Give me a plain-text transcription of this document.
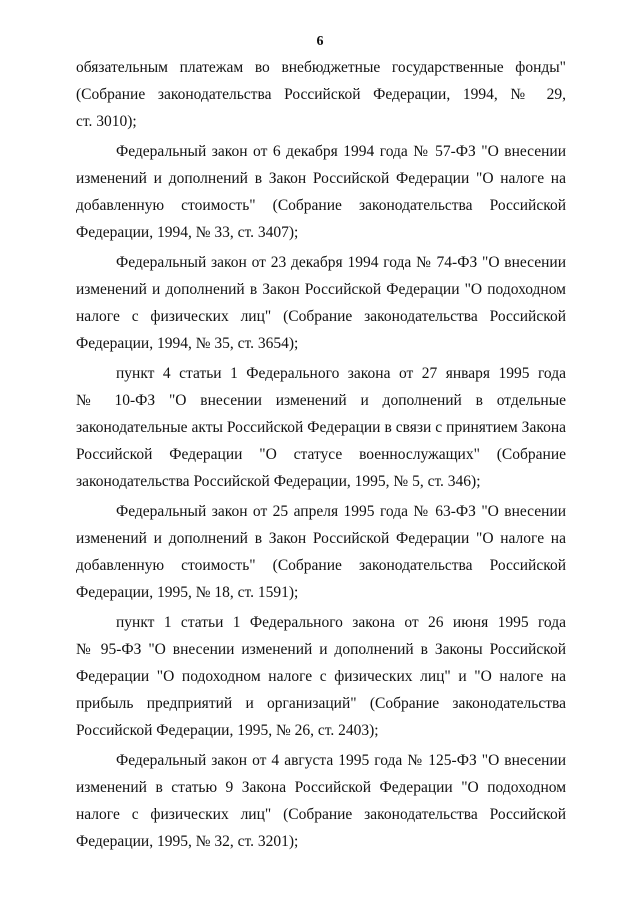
6

обязательным платежам во внебюджетные государственные фонды"
(Собрание законодательства Российской Федерации, 1994, № 29,
ст. 3010);

Федеральный закон от 6 декабря 1994 года № 57-ФЗ "О внесении
изменений и дополнений в Закон Российской Федерации "О налоге на
добавленную стоимость" (Собрание законодательства Российской
Федерации, 1994, № 33, ст. 3407);

Федеральный закон от 23 декабря 1994 года № 74-ФЗ "О внесении
изменений и дополнений в Закон Российской Федерации "О подоходном
налоге с физических лиц" (Собрание законодательства Российской
Федерации, 1994, № 35, ст. 3654);

пункт 4 статьи 1 Федерального закона от 27 января 1995 года
№ 10-ФЗ "О внесении изменений и дополнений в отдельные
законодательные акты Российской Федерации в связи с принятием Закона
Российской Федерации "О статусе военнослужащих" (Собрание
законодательства Российской Федерации, 1995, № 5, ст. 346);

Федеральный закон от 25 апреля 1995 года № 63-ФЗ "О внесении
изменений и дополнений в Закон Российской Федерации "О налоге на
добавленную стоимость" (Собрание законодательства Российской
Федерации, 1995, № 18, ст. 1591);

пункт 1 статьи 1 Федерального закона от 26 июня 1995 года
№ 95-ФЗ "О внесении изменений и дополнений в Законы Российской
Федерации "О подоходном налоге с физических лиц" и "О налоге на
прибыль предприятий и организаций" (Собрание законодательства
Российской Федерации, 1995, № 26, ст. 2403);

Федеральный закон от 4 августа 1995 года № 125-ФЗ "О внесении
изменений в статью 9 Закона Российской Федерации "О подоходном
налоге с физических лиц" (Собрание законодательства Российской
Федерации, 1995, № 32, ст. 3201);
